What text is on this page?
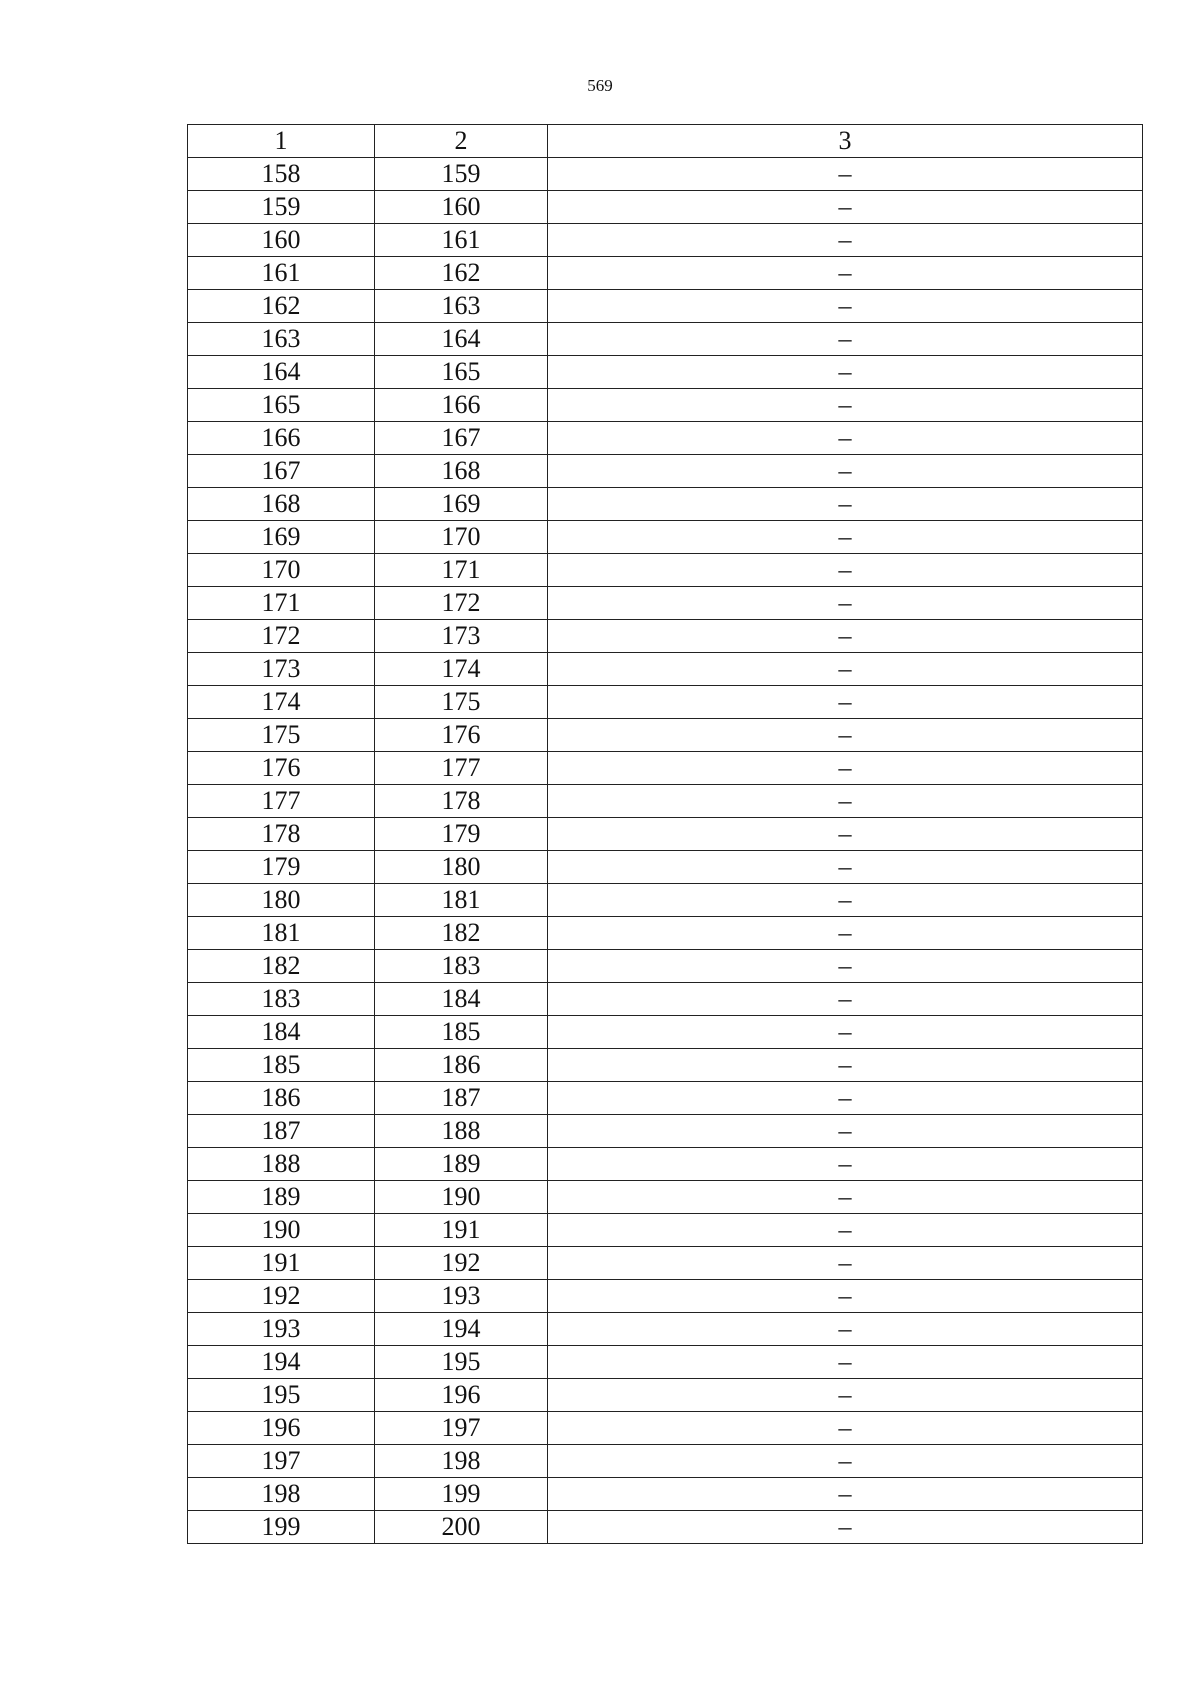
569
1	2	3
158	159	–
159	160	–
160	161	–
161	162	–
162	163	–
163	164	–
164	165	–
165	166	–
166	167	–
167	168	–
168	169	–
169	170	–
170	171	–
171	172	–
172	173	–
173	174	–
174	175	–
175	176	–
176	177	–
177	178	–
178	179	–
179	180	–
180	181	–
181	182	–
182	183	–
183	184	–
184	185	–
185	186	–
186	187	–
187	188	–
188	189	–
189	190	–
190	191	–
191	192	–
192	193	–
193	194	–
194	195	–
195	196	–
196	197	–
197	198	–
198	199	–
199	200	–
